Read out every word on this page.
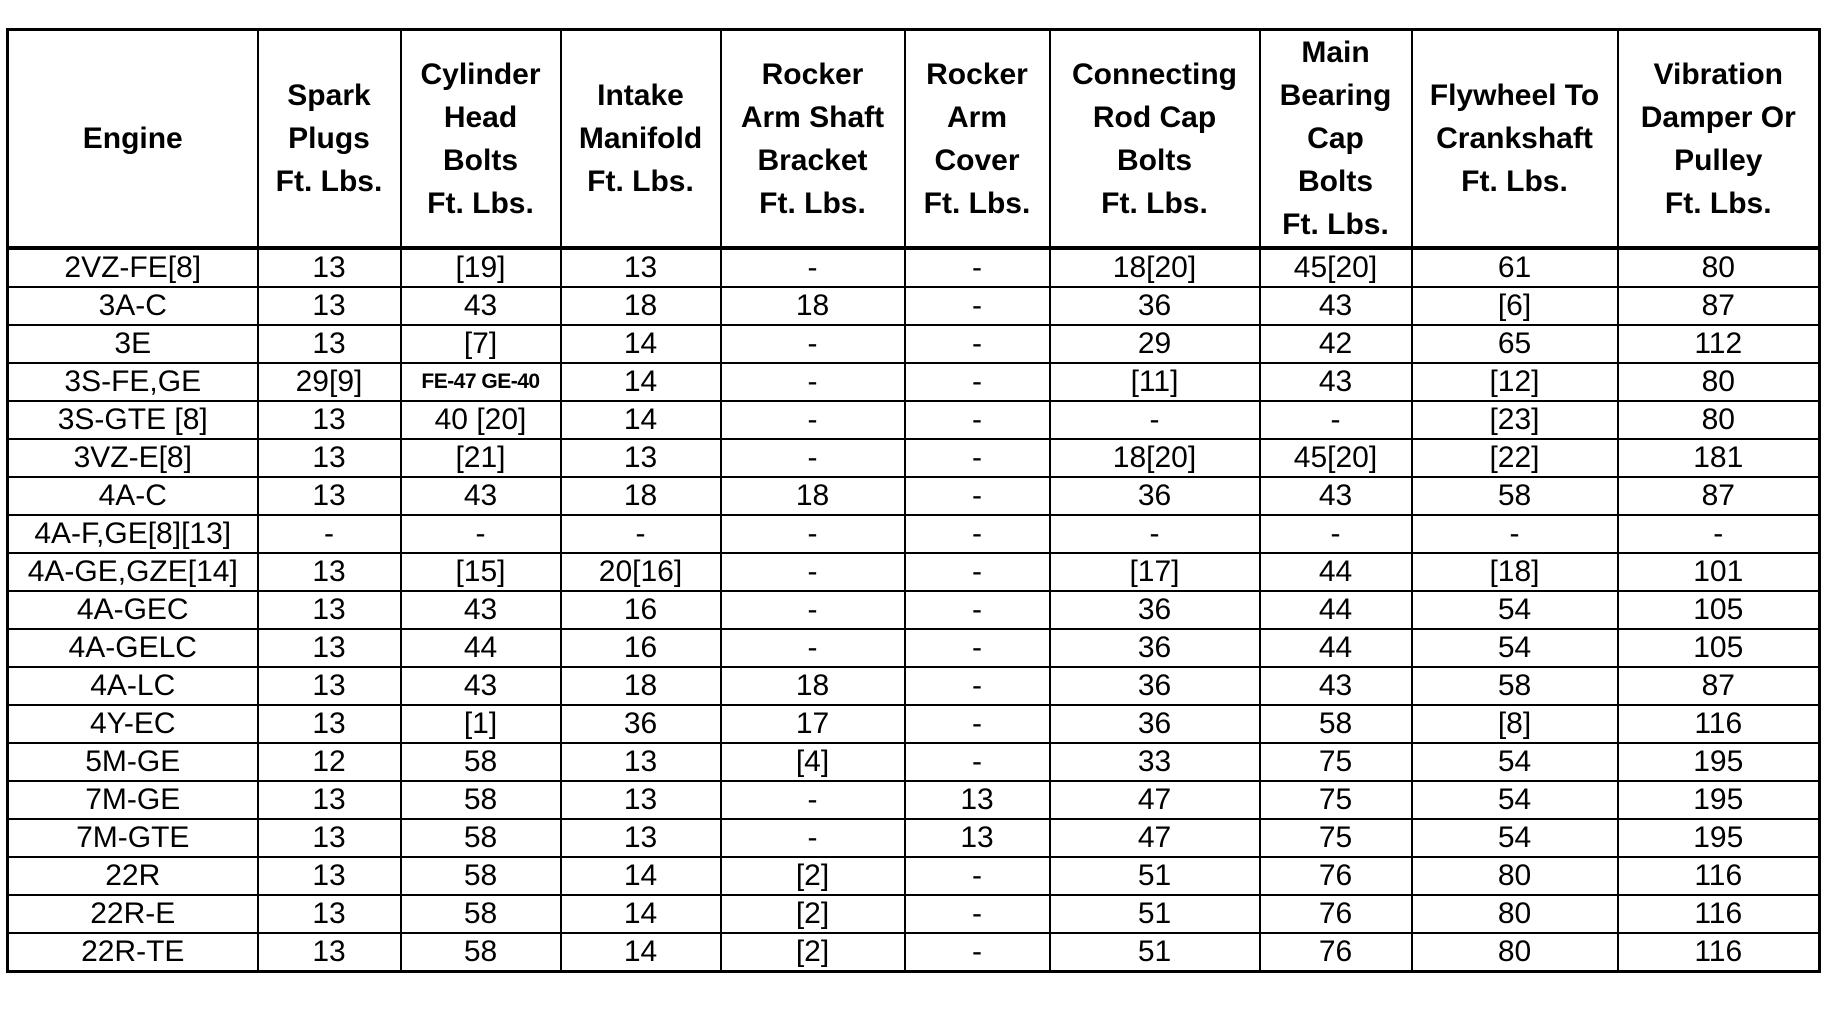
Engine	Spark
Plugs
Ft. Lbs.	Cylinder
Head
Bolts
Ft. Lbs.	Intake
Manifold
Ft. Lbs.	Rocker
Arm Shaft
Bracket
Ft. Lbs.	Rocker
Arm
Cover
Ft. Lbs.	Connecting
Rod Cap
Bolts
Ft. Lbs.	Main
Bearing
Cap
Bolts
Ft. Lbs.	Flywheel To
Crankshaft
Ft. Lbs.	Vibration
Damper Or
Pulley
Ft. Lbs.

2VZ-FE[8]	13	[19]	13	-	-	18[20]	45[20]	61	80
3A-C	13	43	18	18	-	36	43	[6]	87
3E	13	[7]	14	-	-	29	42	65	112
3S-FE,GE	29[9]	FE-47 GE-40	14	-	-	[11]	43	[12]	80
3S-GTE [8]	13	40 [20]	14	-	-	-	-	[23]	80
3VZ-E[8]	13	[21]	13	-	-	18[20]	45[20]	[22]	181
4A-C	13	43	18	18	-	36	43	58	87
4A-F,GE[8][13]	-	-	-	-	-	-	-	-	-
4A-GE,GZE[14]	13	[15]	20[16]	-	-	[17]	44	[18]	101
4A-GEC	13	43	16	-	-	36	44	54	105
4A-GELC	13	44	16	-	-	36	44	54	105
4A-LC	13	43	18	18	-	36	43	58	87
4Y-EC	13	[1]	36	17	-	36	58	[8]	116
5M-GE	12	58	13	[4]	-	33	75	54	195
7M-GE	13	58	13	-	13	47	75	54	195
7M-GTE	13	58	13	-	13	47	75	54	195
22R	13	58	14	[2]	-	51	76	80	116
22R-E	13	58	14	[2]	-	51	76	80	116
22R-TE	13	58	14	[2]	-	51	76	80	116
